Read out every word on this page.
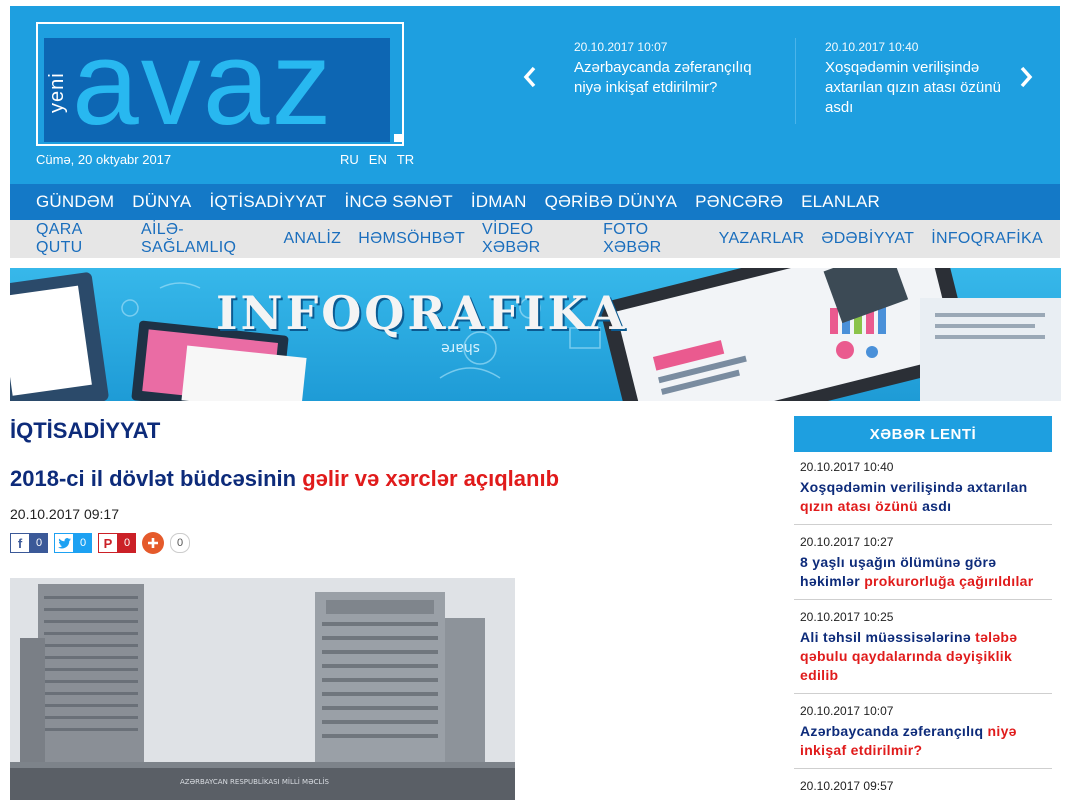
yeni avaz
Cümə, 20 oktyabr 2017	RU EN TR
20.10.2017 10:07
Azərbaycanda zəferançılıq niyə inkişaf etdirilmir?
20.10.2017 10:40
Xoşqədəmin verilişində axtarılan qızın atası özünü asdı
GÜNDƏM DÜNYA İQTİSADİYYAT İNCƏ SƏNƏT İDMAN QƏRİBƏ DÜNYA PƏNCƏRƏ ELANLAR
QARA QUTU
AİLƏ-SAĞLAMLIQ
ANALİZ HƏMSÖHBƏT
VİDEO XƏBƏR
FOTO XƏBƏR
YAZARLAR ƏDƏBİYYAT İNFOQRAFİKA
share
INFOQRAFIKA
İQTİSADİYYAT
2018-ci il dövlət büdcəsinin gəlir və xərclər açıqlanıb
20.10.2017 09:17
f	0	0	P	0	0
AZƏRBAYCAN RESPUBLİKASI MİLLİ MƏCLİS
XƏBƏR LENTİ
20.10.2017 10:40
Xoşqədəmin verilişində axtarılan qızın atası özünü asdı
20.10.2017 10:27
8 yaşlı uşağın ölümünə görə həkimlər prokurorluğa çağırıldılar
20.10.2017 10:25
Ali təhsil müəssisələrinə tələbə qəbulu qaydalarında dəyişiklik edilib
20.10.2017 10:07
Azərbaycanda zəferançılıq niyə inkişaf etdirilmir?
20.10.2017 09:57
